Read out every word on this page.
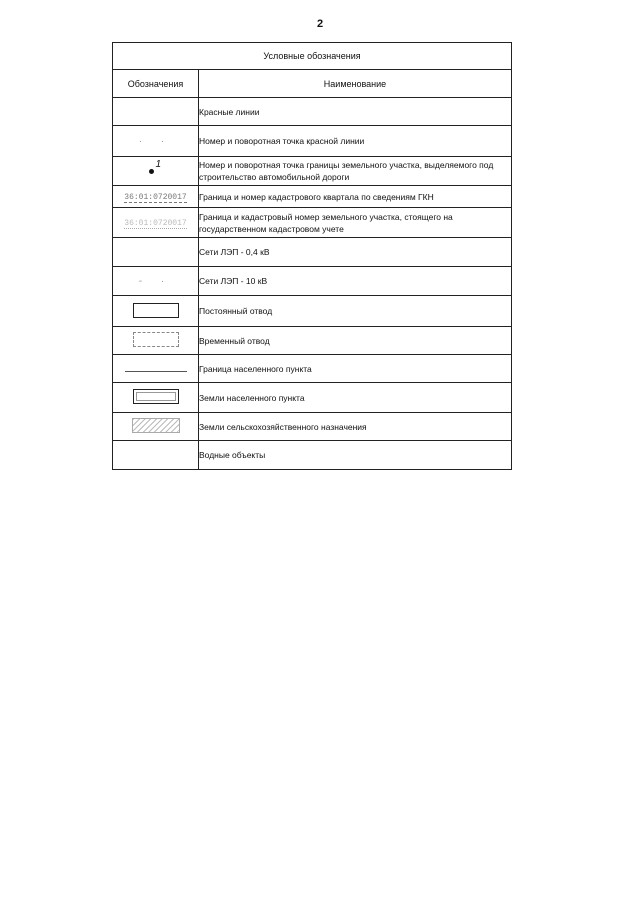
2
Условные обозначения	
Обозначения	Наименование
	Красные линии
· ·	Номер и поворотная точка красной линии

1	Номер и поворотная точка границы земельного участка, выделяемого под строительство автомобильной дороги
36:01:0720017	Граница и номер кадастрового квартала по сведениям ГКН
36:01:0720017	Граница и кадастровый номер земельного участка, стоящего на государственном кадастровом учете
	Сети ЛЭП - 0,4 кВ
- ·	Сети ЛЭП - 10 кВ
	Постоянный отвод
	Временный отвод
	Граница населенного пункта
	Земли населенного пункта
	Земли сельскохозяйственного назначения
	Водные объекты
